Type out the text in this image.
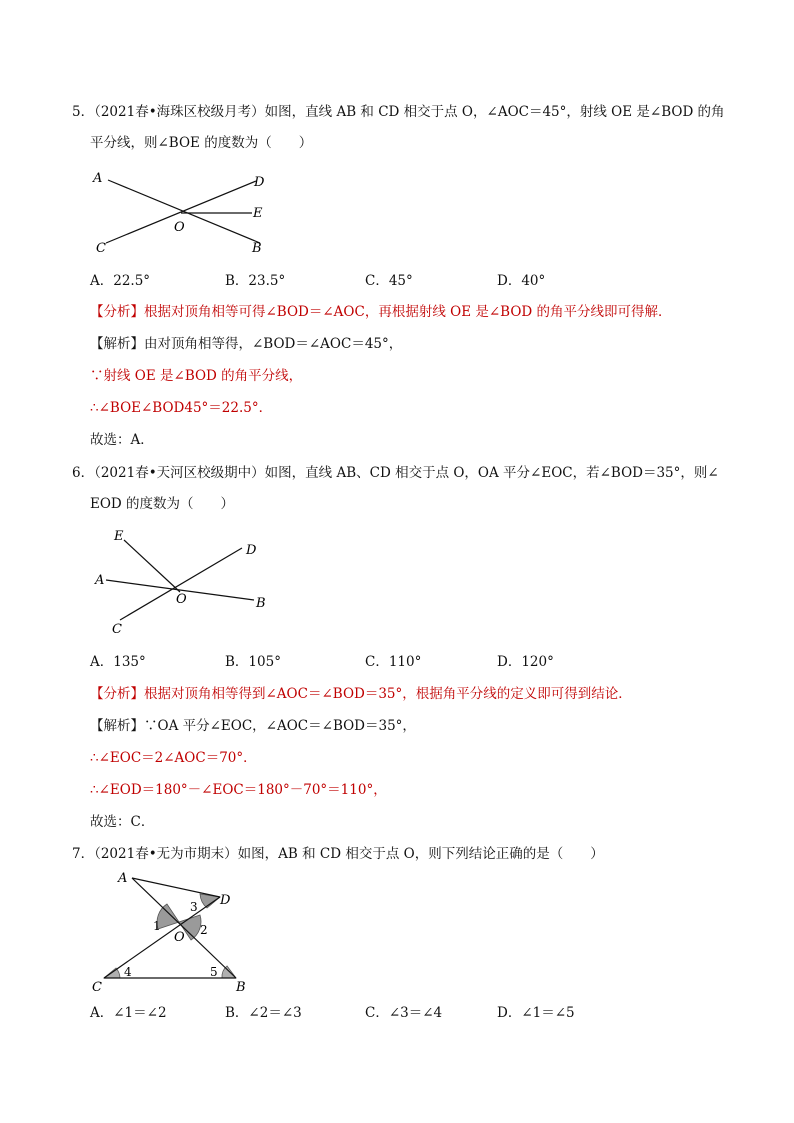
5．（2021春•海珠区校级月考）如图，直线 AB 和 CD 相交于点 O，∠AOC＝45°，射线 OE 是∠BOD 的角
平分线，则∠BOE 的度数为（　　）
A	D
E
O
B
C
A．22.5°	B．23.5°	C．45°	D．40°
【分析】根据对顶角相等可得∠BOD＝∠AOC，再根据射线 OE 是∠BOD 的角平分线即可得解．
【解析】由对顶角相等得，∠BOD＝∠AOC＝45°，
∵射线 OE 是∠BOD 的角平分线，
∴∠BOE∠BOD45°＝22.5°．
故选：A．
6．（2021春•天河区校级期中）如图，直线 AB、CD 相交于点 O，OA 平分∠EOC，若∠BOD＝35°，则∠
EOD 的度数为（　　）
E
D
A
O	B
C
A．135°	B．105°	C．110°	D．120°
【分析】根据对顶角相等得到∠AOC＝∠BOD＝35°，根据角平分线的定义即可得到结论．
【解析】∵OA 平分∠EOC，∠AOC＝∠BOD＝35°，
∴∠EOC＝2∠AOC＝70°．
∴∠EOD＝180°－∠EOC＝180°－70°＝110°，
故选：C．
7．（2021春•无为市期末）如图，AB 和 CD 相交于点 O，则下列结论正确的是（　　）
A
D
O
C	B
1	2
3
4	5
A．∠1＝∠2	B．∠2＝∠3	C．∠3＝∠4	D．∠1＝∠5
